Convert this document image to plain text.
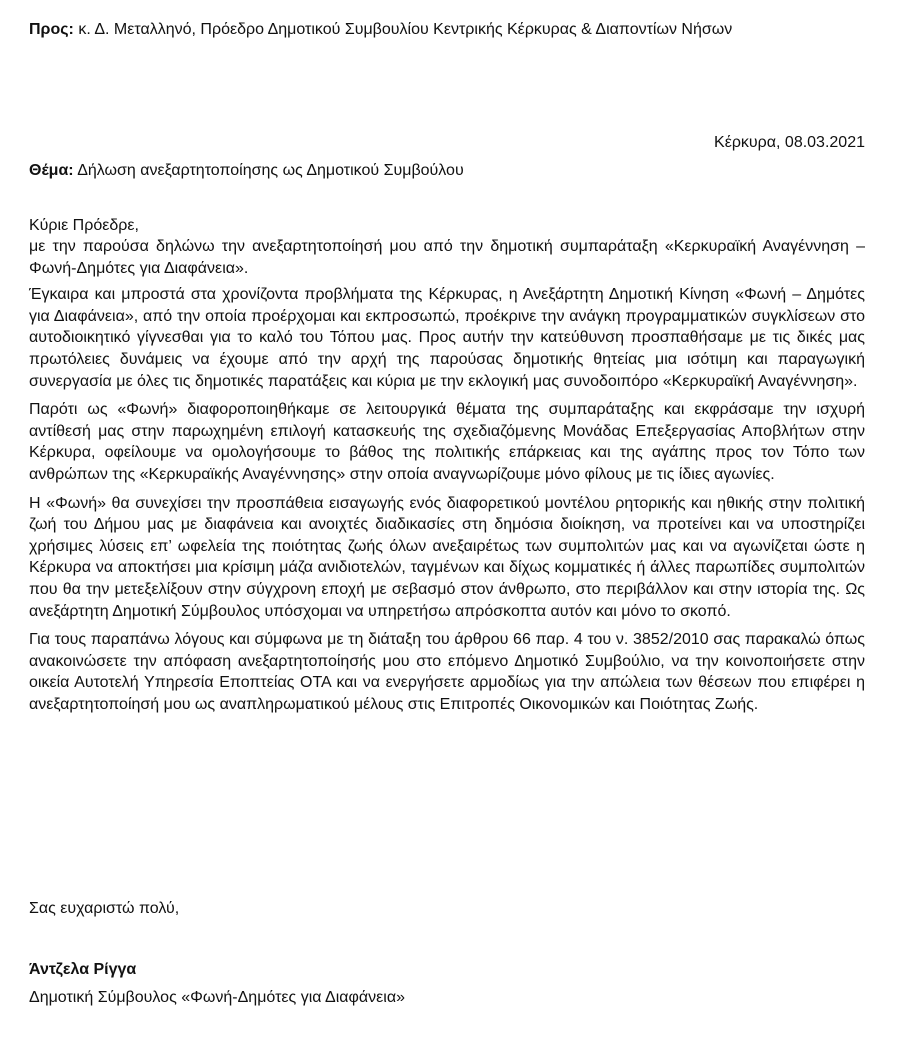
Προς: κ. Δ. Μεταλληνό, Πρόεδρο Δημοτικού Συμβουλίου Κεντρικής Κέρκυρας & Διαποντίων Νήσων
Κέρκυρα, 08.03.2021
Θέμα: Δήλωση ανεξαρτητοποίησης ως Δημοτικού Συμβούλου
Κύριε Πρόεδρε,

με την παρούσα δηλώνω την ανεξαρτητοποίησή μου από την δημοτική συμπαράταξη «Κερκυραϊκή Αναγέννηση – Φωνή-Δημότες για Διαφάνεια».

Έγκαιρα και μπροστά στα χρονίζοντα προβλήματα της Κέρκυρας, η Ανεξάρτητη Δημοτική Κίνηση «Φωνή – Δημότες για Διαφάνεια», από την οποία προέρχομαι και εκπροσωπώ, προέκρινε την ανάγκη προγραμματικών συγκλίσεων στο αυτοδιοικητικό γίγνεσθαι για το καλό του Τόπου μας. Προς αυτήν την κατεύθυνση προσπαθήσαμε με τις δικές μας πρωτόλειες δυνάμεις να έχουμε από την αρχή της παρούσας δημοτικής θητείας μια ισότιμη και παραγωγική συνεργασία με όλες τις δημοτικές παρατάξεις και κύρια με την εκλογική μας συνοδοιπόρο «Κερκυραϊκή Αναγέννηση».

Παρότι ως «Φωνή» διαφοροποιηθήκαμε σε λειτουργικά θέματα της συμπαράταξης και εκφράσαμε την ισχυρή αντίθεσή μας στην παρωχημένη επιλογή κατασκευής της σχεδιαζόμενης Μονάδας Επεξεργασίας Αποβλήτων στην Κέρκυρα, οφείλουμε να ομολογήσουμε το βάθος της πολιτικής επάρκειας και της αγάπης προς τον Τόπο των ανθρώπων της «Κερκυραϊκής Αναγέννησης» στην οποία αναγνωρίζουμε μόνο φίλους με τις ίδιες αγωνίες.

Η «Φωνή» θα συνεχίσει την προσπάθεια εισαγωγής ενός διαφορετικού μοντέλου ρητορικής και ηθικής στην πολιτική ζωή του Δήμου μας με διαφάνεια και ανοιχτές διαδικασίες στη δημόσια διοίκηση, να προτείνει και να υποστηρίζει χρήσιμες λύσεις επ’ ωφελεία της ποιότητας ζωής όλων ανεξαιρέτως των συμπολιτών μας και να αγωνίζεται ώστε η Κέρκυρα να αποκτήσει μια κρίσιμη μάζα ανιδιοτελών, ταγμένων και δίχως κομματικές ή άλλες παρωπίδες συμπολιτών που θα την μετεξελίξουν στην σύγχρονη εποχή με σεβασμό στον άνθρωπο, στο περιβάλλον και στην ιστορία της. Ως ανεξάρτητη Δημοτική Σύμβουλος υπόσχομαι να υπηρετήσω απρόσκοπτα αυτόν και μόνο το σκοπό.

Για τους παραπάνω λόγους και σύμφωνα με τη διάταξη του άρθρου 66 παρ. 4 του ν. 3852/2010 σας παρακαλώ όπως ανακοινώσετε την απόφαση ανεξαρτητοποίησής μου στο επόμενο Δημοτικό Συμβούλιο, να την κοινοποιήσετε στην οικεία Αυτοτελή Υπηρεσία Εποπτείας ΟΤΑ και να ενεργήσετε αρμοδίως για την απώλεια των θέσεων που επιφέρει η ανεξαρτητοποίησή μου ως αναπληρωματικού μέλους στις Επιτροπές Οικονομικών και Ποιότητας Ζωής.

Σας ευχαριστώ πολύ,
Άντζελα Ρίγγα
Δημοτική Σύμβουλος «Φωνή-Δημότες για Διαφάνεια»
